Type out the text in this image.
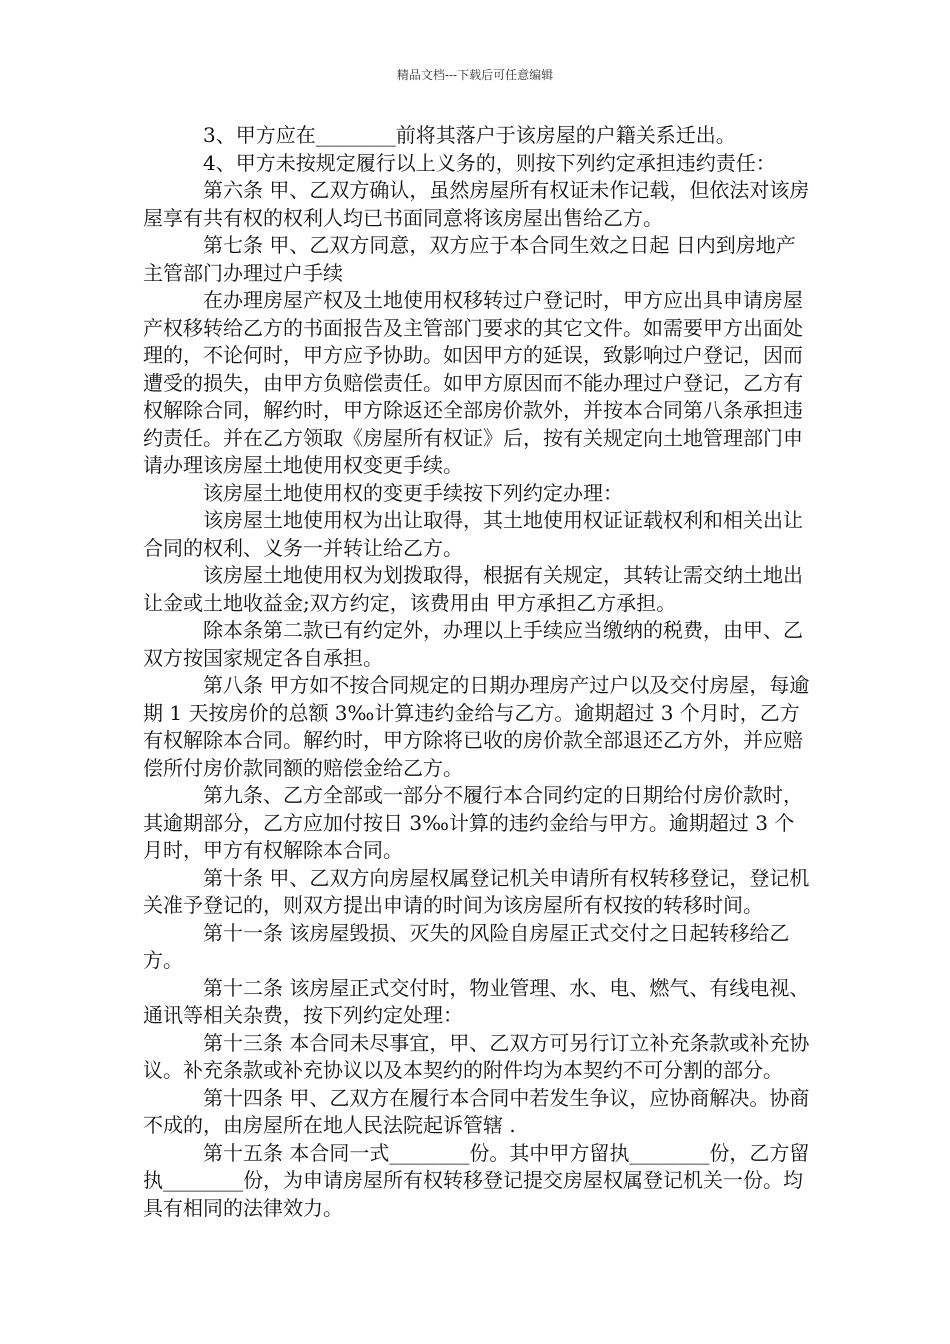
精品文档---下载后可任意编辑

3、甲方应在________前将其落户于该房屋的户籍关系迁出。

4、甲方未按规定履行以上义务的，则按下列约定承担违约责任：

第六条 甲、乙双方确认，虽然房屋所有权证未作记载，但依法对该房屋享有共有权的权利人均已书面同意将该房屋出售给乙方。

第七条 甲、乙双方同意，双方应于本合同生效之日起 日内到房地产主管部门办理过户手续

在办理房屋产权及土地使用权移转过户登记时，甲方应出具申请房屋产权移转给乙方的书面报告及主管部门要求的其它文件。如需要甲方出面处理的，不论何时，甲方应予协助。如因甲方的延误，致影响过户登记，因而遭受的损失，由甲方负赔偿责任。如甲方原因而不能办理过户登记，乙方有权解除合同，解约时，甲方除返还全部房价款外，并按本合同第八条承担违约责任。并在乙方领取《房屋所有权证》后，按有关规定向土地管理部门申请办理该房屋土地使用权变更手续。

该房屋土地使用权的变更手续按下列约定办理：

该房屋土地使用权为出让取得，其土地使用权证证载权利和相关出让合同的权利、义务一并转让给乙方。

该房屋土地使用权为划拨取得，根据有关规定，其转让需交纳土地出让金或土地收益金;双方约定，该费用由 甲方承担乙方承担。

除本条第二款已有约定外，办理以上手续应当缴纳的税费，由甲、乙双方按国家规定各自承担。

第八条 甲方如不按合同规定的日期办理房产过户以及交付房屋，每逾期 1 天按房价的总额 3‰计算违约金给与乙方。逾期超过 3 个月时，乙方有权解除本合同。解约时，甲方除将已收的房价款全部退还乙方外，并应赔偿所付房价款同额的赔偿金给乙方。

第九条、乙方全部或一部分不履行本合同约定的日期给付房价款时，其逾期部分，乙方应加付按日 3‰计算的违约金给与甲方。逾期超过 3 个月时，甲方有权解除本合同。

第十条 甲、乙双方向房屋权属登记机关申请所有权转移登记，登记机关准予登记的，则双方提出申请的时间为该房屋所有权按的转移时间。

第十一条 该房屋毁损、灭失的风险自房屋正式交付之日起转移给乙方。

第十二条 该房屋正式交付时，物业管理、水、电、燃气、有线电视、通讯等相关杂费，按下列约定处理：

第十三条 本合同未尽事宜，甲、乙双方可另行订立补充条款或补充协议。补充条款或补充协议以及本契约的附件均为本契约不可分割的部分。

第十四条 甲、乙双方在履行本合同中若发生争议，应协商解决。协商不成的，由房屋所在地人民法院起诉管辖 .

第十五条 本合同一式________份。其中甲方留执________份，乙方留执________份，为申请房屋所有权转移登记提交房屋权属登记机关一份。均具有相同的法律效力。
